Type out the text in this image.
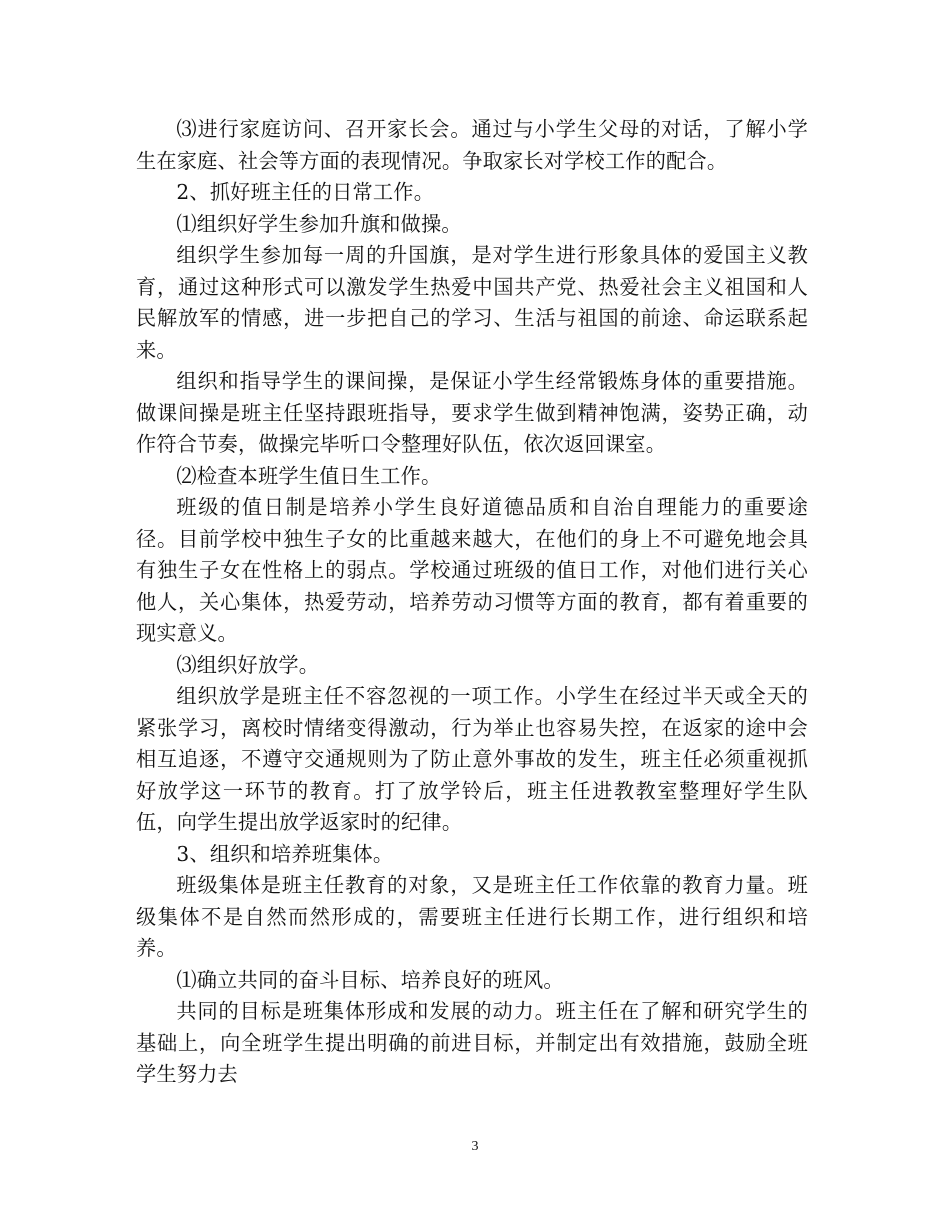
⑶进行家庭访问、召开家长会。通过与小学生父母的对话，了解小学生在家庭、社会等方面的表现情况。争取家长对学校工作的配合。

2、抓好班主任的日常工作。

⑴组织好学生参加升旗和做操。

组织学生参加每一周的升国旗，是对学生进行形象具体的爱国主义教育，通过这种形式可以激发学生热爱中国共产党、热爱社会主义祖国和人民解放军的情感，进一步把自己的学习、生活与祖国的前途、命运联系起来。

组织和指导学生的课间操，是保证小学生经常锻炼身体的重要措施。做课间操是班主任坚持跟班指导，要求学生做到精神饱满，姿势正确，动作符合节奏，做操完毕听口令整理好队伍，依次返回课室。

⑵检查本班学生值日生工作。

班级的值日制是培养小学生良好道德品质和自治自理能力的重要途径。目前学校中独生子女的比重越来越大，在他们的身上不可避免地会具有独生子女在性格上的弱点。学校通过班级的值日工作，对他们进行关心他人，关心集体，热爱劳动，培养劳动习惯等方面的教育，都有着重要的现实意义。

⑶组织好放学。

组织放学是班主任不容忽视的一项工作。小学生在经过半天或全天的紧张学习，离校时情绪变得激动，行为举止也容易失控，在返家的途中会相互追逐，不遵守交通规则为了防止意外事故的发生，班主任必须重视抓好放学这一环节的教育。打了放学铃后，班主任进教教室整理好学生队伍，向学生提出放学返家时的纪律。

3、组织和培养班集体。

班级集体是班主任教育的对象，又是班主任工作依靠的教育力量。班级集体不是自然而然形成的，需要班主任进行长期工作，进行组织和培养。

⑴确立共同的奋斗目标、培养良好的班风。

共同的目标是班集体形成和发展的动力。班主任在了解和研究学生的基础上，向全班学生提出明确的前进目标，并制定出有效措施，鼓励全班学生努力去

3
